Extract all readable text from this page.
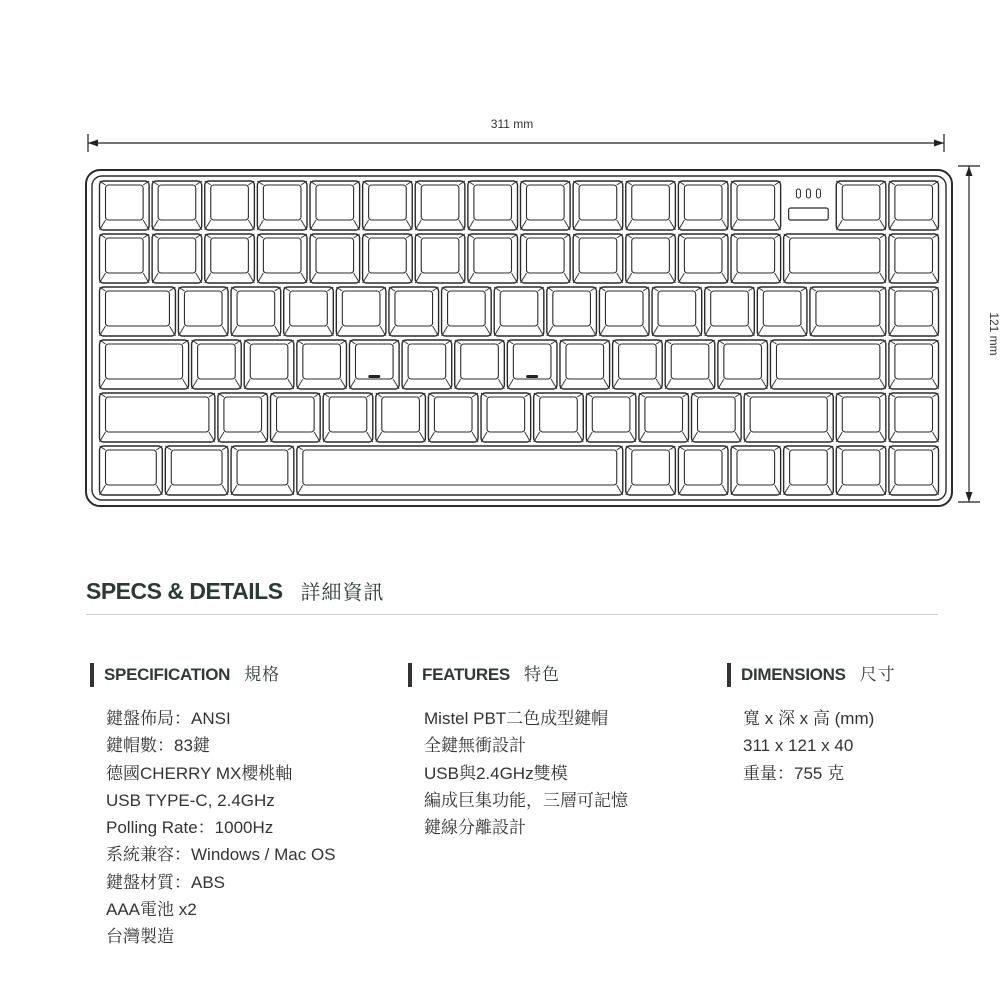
311 mm
121 mm
SPECS & DETAILS 詳細資訊
SPECIFICATION 規格
鍵盤佈局：ANSI
鍵帽數：83鍵
德國CHERRY MX櫻桃軸
USB TYPE-C, 2.4GHz
Polling Rate：1000Hz
系統兼容：Windows / Mac OS
鍵盤材質：ABS
AAA電池 x2
台灣製造
FEATURES 特色
Mistel PBT二色成型鍵帽
全鍵無衝設計
USB與2.4GHz雙模
編成巨集功能，三層可記憶
鍵線分離設計
DIMENSIONS 尺寸
寬 x 深 x 高 (mm)
311 x 121 x 40
重量：755 克
